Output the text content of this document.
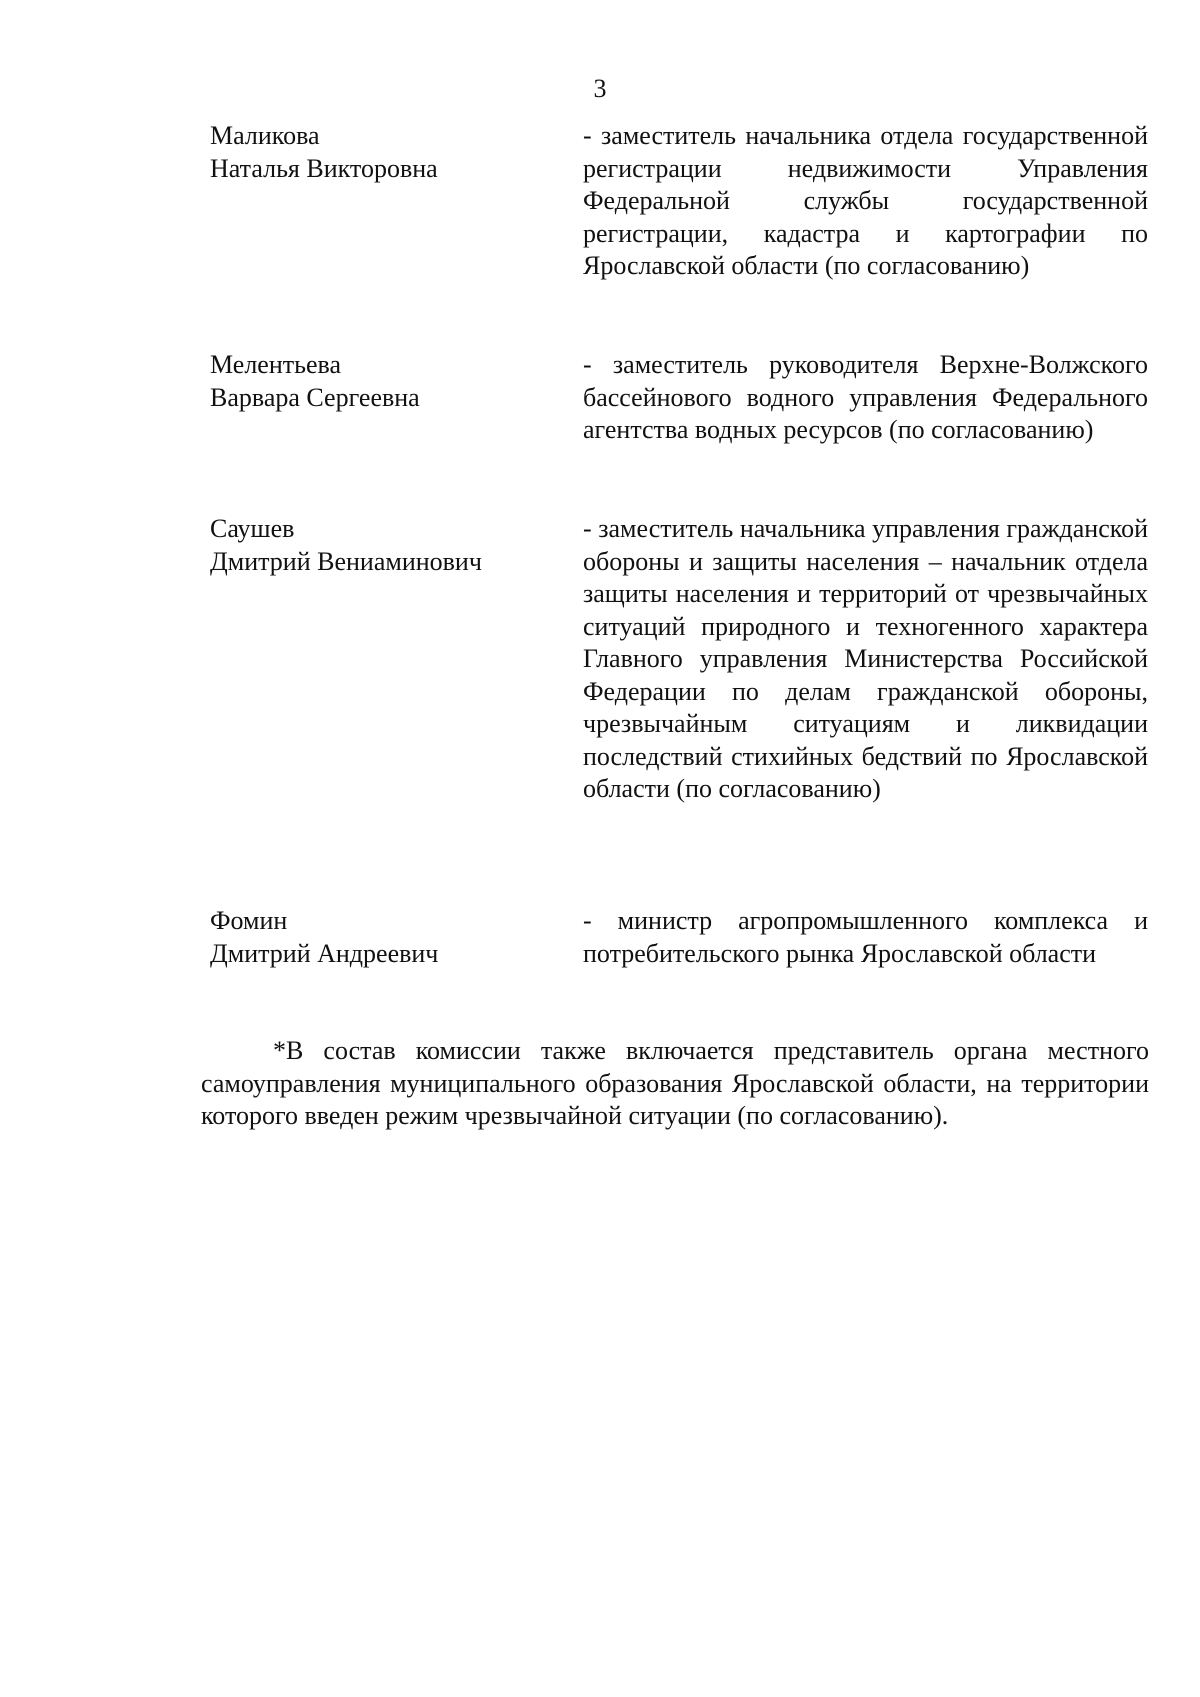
3
Маликова
Наталья Викторовна
- заместитель начальника отдела государственной регистрации недвижимости Управления Федеральной службы государственной регистрации, кадастра и картографии по Ярославской области (по согласованию)
Мелентьева
Варвара Сергеевна
- заместитель руководителя Верхне-Волжского бассейнового водного управления Федерального агентства водных ресурсов (по согласованию)
Саушев
Дмитрий Вениаминович
- заместитель начальника управления гражданской обороны и защиты населения – начальник отдела защиты населения и территорий от чрезвычайных ситуаций природного и техногенного характера Главного управления Министерства Российской Федерации по делам гражданской обороны, чрезвычайным ситуациям и ликвидации последствий стихийных бедствий по Ярославской области (по согласованию)
Фомин
Дмитрий Андреевич
- министр агропромышленного комплекса и потребительского рынка Ярославской области

*В состав комиссии также включается представитель органа местного самоуправления муниципального образования Ярославской области, на территории которого введен режим чрезвычайной ситуации (по согласованию).
